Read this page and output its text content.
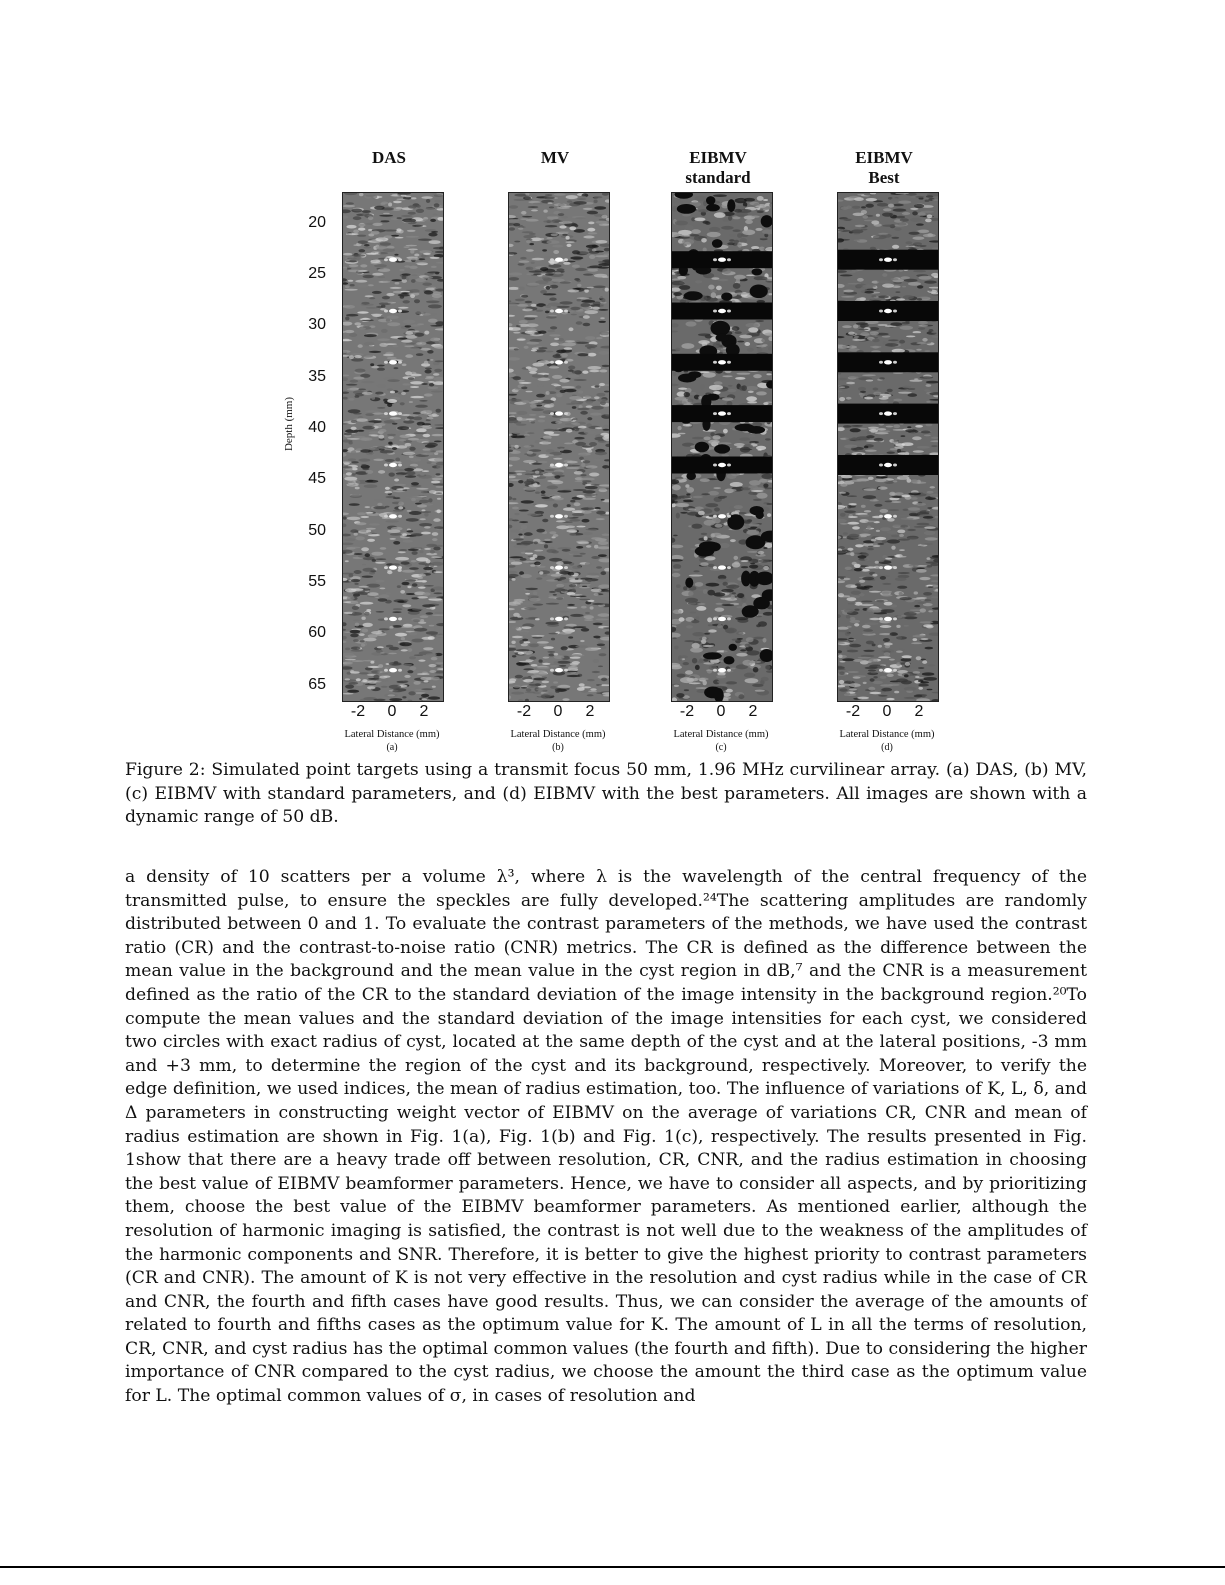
20
25
30
35
40
45
50
55
60
65
Depth (mm)
DAS
-2 0 2
Lateral Distance (mm)
(a)
MV
-2 0 2
Lateral Distance (mm)
(b)
EIBMV
standard
-2 0 2
Lateral Distance (mm)
(c)
EIBMV
Best
-2 0 2
Lateral Distance (mm)
(d)

Figure 2: Simulated point targets using a transmit focus 50 mm, 1.96 MHz curvilinear array. (a) DAS, (b) MV, (c) EIBMV with standard parameters, and (d) EIBMV with the best parameters. All images are shown with a dynamic range of 50 dB.

a density of 10 scatters per a volume λ³, where λ is the wavelength of the central frequency of the transmitted pulse, to ensure the speckles are fully developed.²⁴The scattering amplitudes are randomly distributed between 0 and 1. To evaluate the contrast parameters of the methods, we have used the contrast ratio (CR) and the contrast-to-noise ratio (CNR) metrics. The CR is defined as the difference between the mean value in the background and the mean value in the cyst region in dB,⁷ and the CNR is a measurement defined as the ratio of the CR to the standard deviation of the image intensity in the background region.²⁰To compute the mean values and the standard deviation of the image intensities for each cyst, we considered two circles with exact radius of cyst, located at the same depth of the cyst and at the lateral positions, -3 mm and +3 mm, to determine the region of the cyst and its background, respectively. Moreover, to verify the edge definition, we used indices, the mean of radius estimation, too. The influence of variations of K, L, δ, and Δ parameters in constructing weight vector of EIBMV on the average of variations CR, CNR and mean of radius estimation are shown in Fig. 1(a), Fig. 1(b) and Fig. 1(c), respectively. The results presented in Fig. 1show that there are a heavy trade off between resolution, CR, CNR, and the radius estimation in choosing the best value of EIBMV beamformer parameters. Hence, we have to consider all aspects, and by prioritizing them, choose the best value of the EIBMV beamformer parameters. As mentioned earlier, although the resolution of harmonic imaging is satisfied, the contrast is not well due to the weakness of the amplitudes of the harmonic components and SNR. Therefore, it is better to give the highest priority to contrast parameters (CR and CNR). The amount of K is not very effective in the resolution and cyst radius while in the case of CR and CNR, the fourth and fifth cases have good results. Thus, we can consider the average of the amounts of related to fourth and fifths cases as the optimum value for K. The amount of L in all the terms of resolution, CR, CNR, and cyst radius has the optimal common values (the fourth and fifth). Due to considering the higher importance of CNR compared to the cyst radius, we choose the amount the third case as the optimum value for L. The optimal common values of σ, in cases of resolution and
